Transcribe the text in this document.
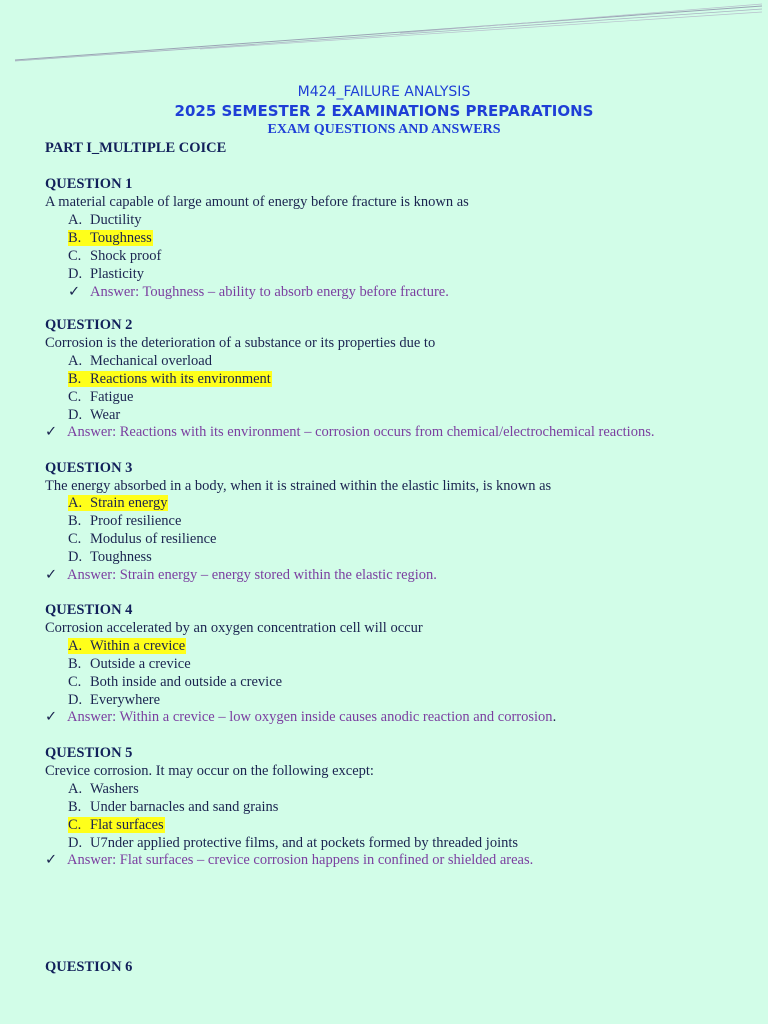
M424_FAILURE ANALYSIS
2025 SEMESTER 2 EXAMINATIONS PREPARATIONS
EXAM QUESTIONS AND ANSWERS
PART I_MULTIPLE COICE
QUESTION 1
A material capable of large amount of energy before fracture is known as
A. Ductility
B. Toughness
C. Shock proof
D. Plasticity
✓ Answer: Toughness – ability to absorb energy before fracture.
QUESTION 2
Corrosion is the deterioration of a substance or its properties due to
A. Mechanical overload
B. Reactions with its environment
C. Fatigue
D. Wear
✓ Answer: Reactions with its environment – corrosion occurs from chemical/electrochemical reactions.
QUESTION 3
The energy absorbed in a body, when it is strained within the elastic limits, is known as
A. Strain energy
B. Proof resilience
C. Modulus of resilience
D. Toughness
✓ Answer: Strain energy – energy stored within the elastic region.
QUESTION 4
Corrosion accelerated by an oxygen concentration cell will occur
A. Within a crevice
B. Outside a crevice
C. Both inside and outside a crevice
D. Everywhere
✓ Answer: Within a crevice – low oxygen inside causes anodic reaction and corrosion.
QUESTION 5
Crevice corrosion. It may occur on the following except:
A. Washers
B. Under barnacles and sand grains
C. Flat surfaces
D. U7nder applied protective films, and at pockets formed by threaded joints
✓ Answer: Flat surfaces – crevice corrosion happens in confined or shielded areas.
QUESTION 6
